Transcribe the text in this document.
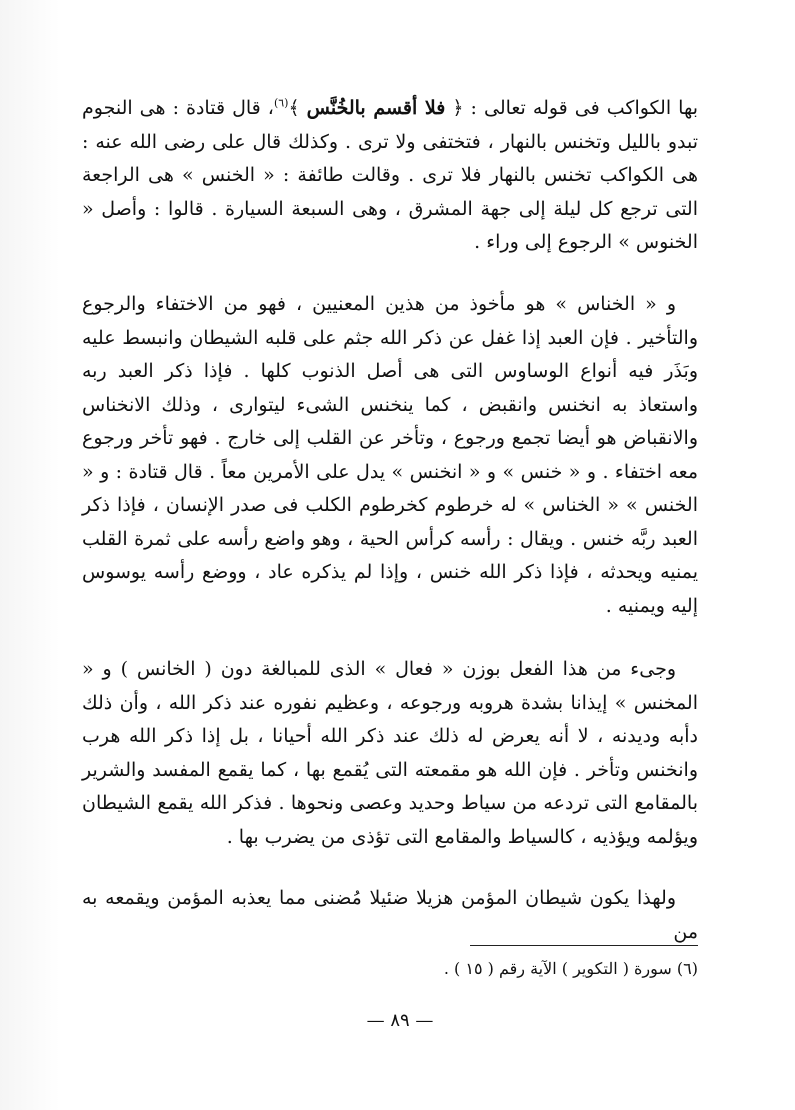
بها الكواكب فى قوله تعالى : ﴿ فلا أقسم بالخُنَّس ﴾$^{(٦)}$، قال قتادة : هى النجوم تبدو بالليل وتخنس بالنهار ، فتختفى ولا ترى . وكذلك قال على رضى الله عنه : هى الكواكب تخنس بالنهار فلا ترى . وقالت طائفة : « الخنس » هى الراجعة التى ترجع كل ليلة إلى جهة المشرق ، وهى السبعة السيارة . قالوا : وأصل « الخنوس » الرجوع إلى وراء .

و « الخناس » هو مأخوذ من هذين المعنيين ، فهو من الاختفاء والرجوع والتأخير . فإن العبد إذا غفل عن ذكر الله جثم على قلبه الشيطان وانبسط عليه وبَذَر فيه أنواع الوساوس التى هى أصل الذنوب كلها . فإذا ذكر العبد ربه واستعاذ به انخنس وانقبض ، كما ينخنس الشىء ليتوارى ، وذلك الانخناس والانقباض هو أيضا تجمع ورجوع ، وتأخر عن القلب إلى خارج . فهو تأخر ورجوع معه اختفاء . و « خنس » و « انخنس » يدل على الأمرين معاً . قال قتادة : و « الخنس » « الخناس » له خرطوم كخرطوم الكلب فى صدر الإنسان ، فإذا ذكر العبد ربَّه خنس . ويقال : رأسه كرأس الحية ، وهو واضع رأسه على ثمرة القلب يمنيه ويحدثه ، فإذا ذكر الله خنس ، وإذا لم يذكره عاد ، ووضع رأسه يوسوس إليه ويمنيه .

وجىء من هذا الفعل بوزن « فعال » الذى للمبالغة دون ( الخانس ) و « المخنس » إيذانا بشدة هروبه ورجوعه ، وعظيم نفوره عند ذكر الله ، وأن ذلك دأبه وديدنه ، لا أنه يعرض له ذلك عند ذكر الله أحيانا ، بل إذا ذكر الله هرب وانخنس وتأخر . فإن الله هو مقمعته التى يُقمع بها ، كما يقمع المفسد والشرير بالمقامع التى تردعه من سياط وحديد وعصى ونحوها . فذكر الله يقمع الشيطان ويؤلمه ويؤذيه ، كالسياط والمقامع التى تؤذى من يضرب بها .

ولهذا يكون شيطان المؤمن هزيلا ضئيلا مُضنى مما يعذبه المؤمن ويقمعه به من

(٦) سورة ( التكوير ) الآية رقم ( ١٥ ) .
— ٨٩ —
